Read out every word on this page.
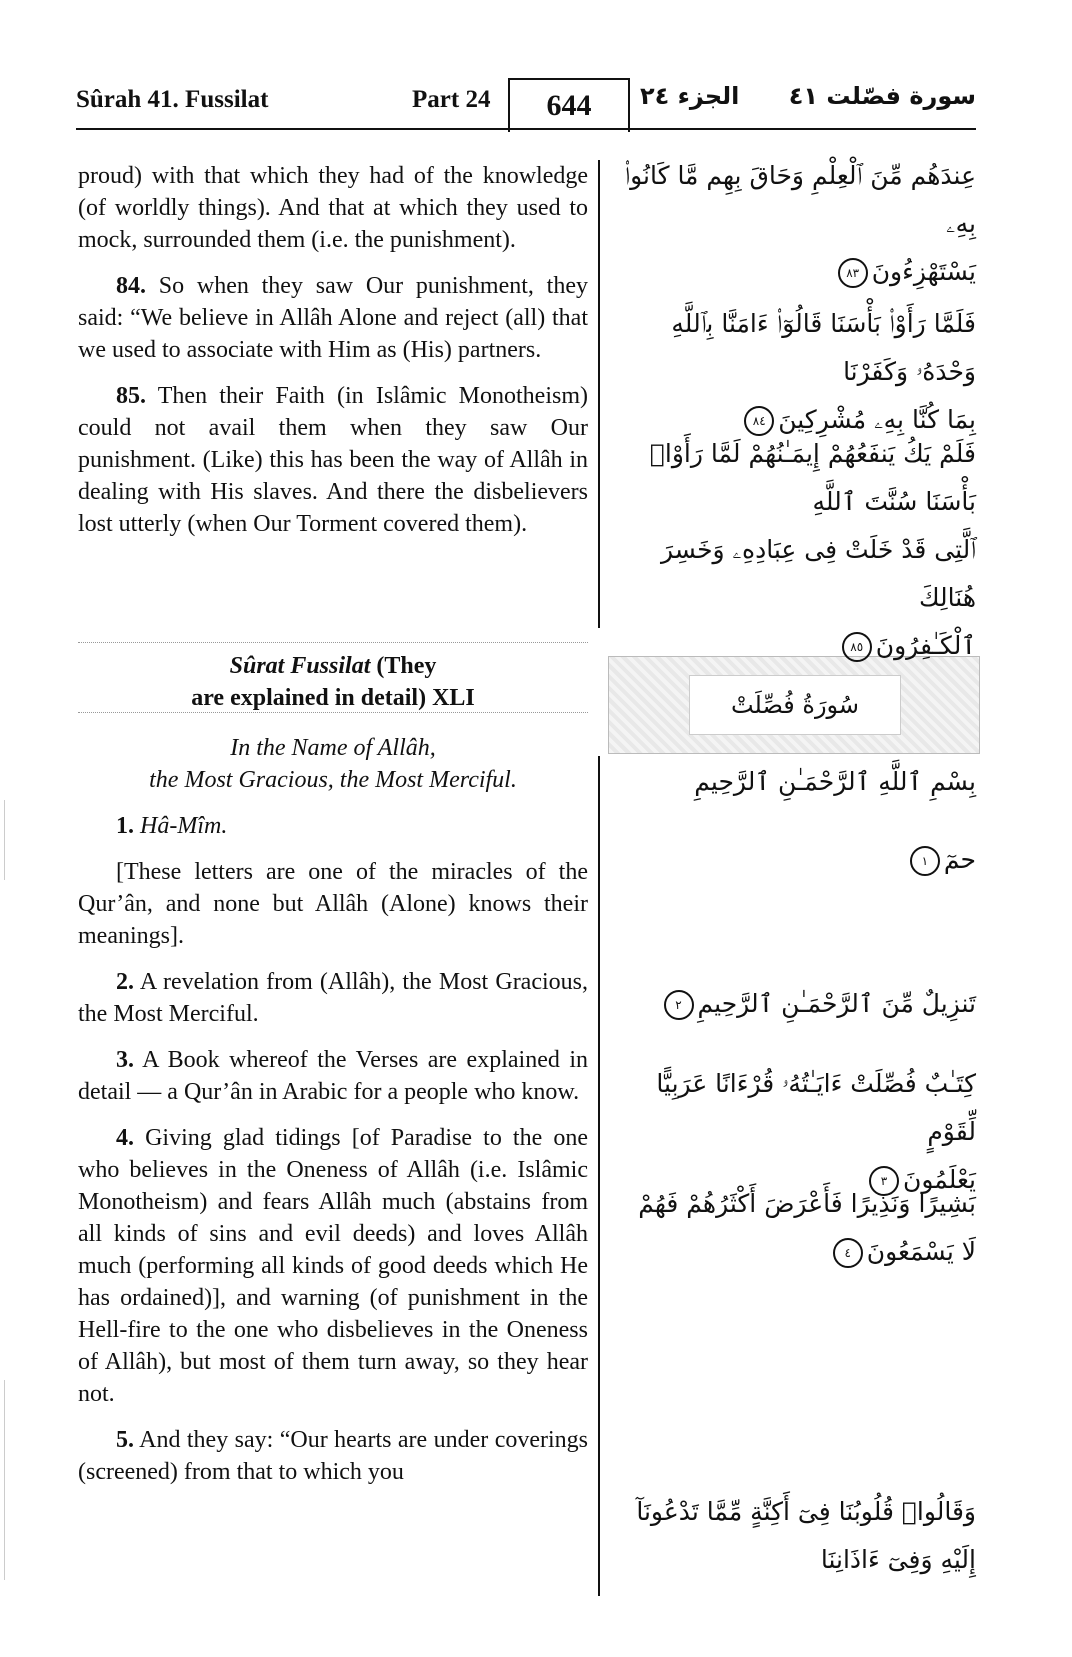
Sûrah 41. Fussilat	Part 24	644	الجزء ٢٤ سورة فصّلت ٤١

proud) with that which they had of the knowledge (of worldly things). And that at which they used to mock, surrounded them (i.e. the punishment).

84. So when they saw Our punishment, they said: “We believe in Allâh Alone and reject (all) that we used to associate with Him as (His) partners.

85. Then their Faith (in Islâmic Monotheism) could not avail them when they saw Our punishment. (Like) this has been the way of Allâh in dealing with His slaves. And there the disbelievers lost utterly (when Our Torment covered them).

Sûrat Fussilat (They
are explained in detail) XLI	سُورَةُ فُصِّلَتْ
In the Name of Allâh,
the Most Gracious, the Most Merciful.

1. Hâ-Mîm.

[These letters are one of the miracles of the Qur’ân, and none but Allâh (Alone) knows their meanings].

2. A revelation from (Allâh), the Most Gracious, the Most Merciful.

3. A Book whereof the Verses are explained in detail — a Qur’ân in Arabic for a people who know.

4. Giving glad tidings [of Paradise to the one who believes in the Oneness of Allâh (i.e. Islâmic Monotheism) and fears Allâh much (abstains from all kinds of sins and evil deeds) and loves Allâh much (performing all kinds of good deeds which He has ordained)], and warning (of punishment in the Hell-fire to the one who disbelieves in the Oneness of Allâh), but most of them turn away, so they hear not.

5. And they say: “Our hearts are under coverings (screened) from that to which you

عِندَهُم مِّنَ ٱلْعِلْمِ وَحَاقَ بِهِم مَّا كَانُوا۟ بِهِۦ
يَسْتَهْزِءُونَ٨٣
فَلَمَّا رَأَوْا۟ بَأْسَنَا قَالُوٓا۟ ءَامَنَّا بِٱللَّهِ وَحْدَهُۥ وَكَفَرْنَا
بِمَا كُنَّا بِهِۦ مُشْرِكِينَ٨٤
فَلَمْ يَكُ يَنفَعُهُمْ إِيمَـٰنُهُمْ لَمَّا رَأَوْا۟ بَأْسَنَا سُنَّتَ ٱللَّهِ
ٱلَّتِى قَدْ خَلَتْ فِى عِبَادِهِۦ وَخَسِرَ هُنَالِكَ
ٱلْكَـٰفِرُونَ٨٥
بِسْمِ ٱللَّهِ ٱلرَّحْمَـٰنِ ٱلرَّحِيمِ
حمٓ١
تَنزِيلٌ مِّنَ ٱلرَّحْمَـٰنِ ٱلرَّحِيمِ٢
كِتَـٰبٌ فُصِّلَتْ ءَايَـٰتُهُۥ قُرْءَانًا عَرَبِيًّا لِّقَوْمٍ
يَعْلَمُونَ٣
بَشِيرًا وَنَذِيرًا فَأَعْرَضَ أَكْثَرُهُمْ فَهُمْ لَا يَسْمَعُونَ٤
وَقَالُوا۟ قُلُوبُنَا فِىٓ أَكِنَّةٍ مِّمَّا تَدْعُونَآ إِلَيْهِ وَفِىٓ ءَاذَانِنَا
